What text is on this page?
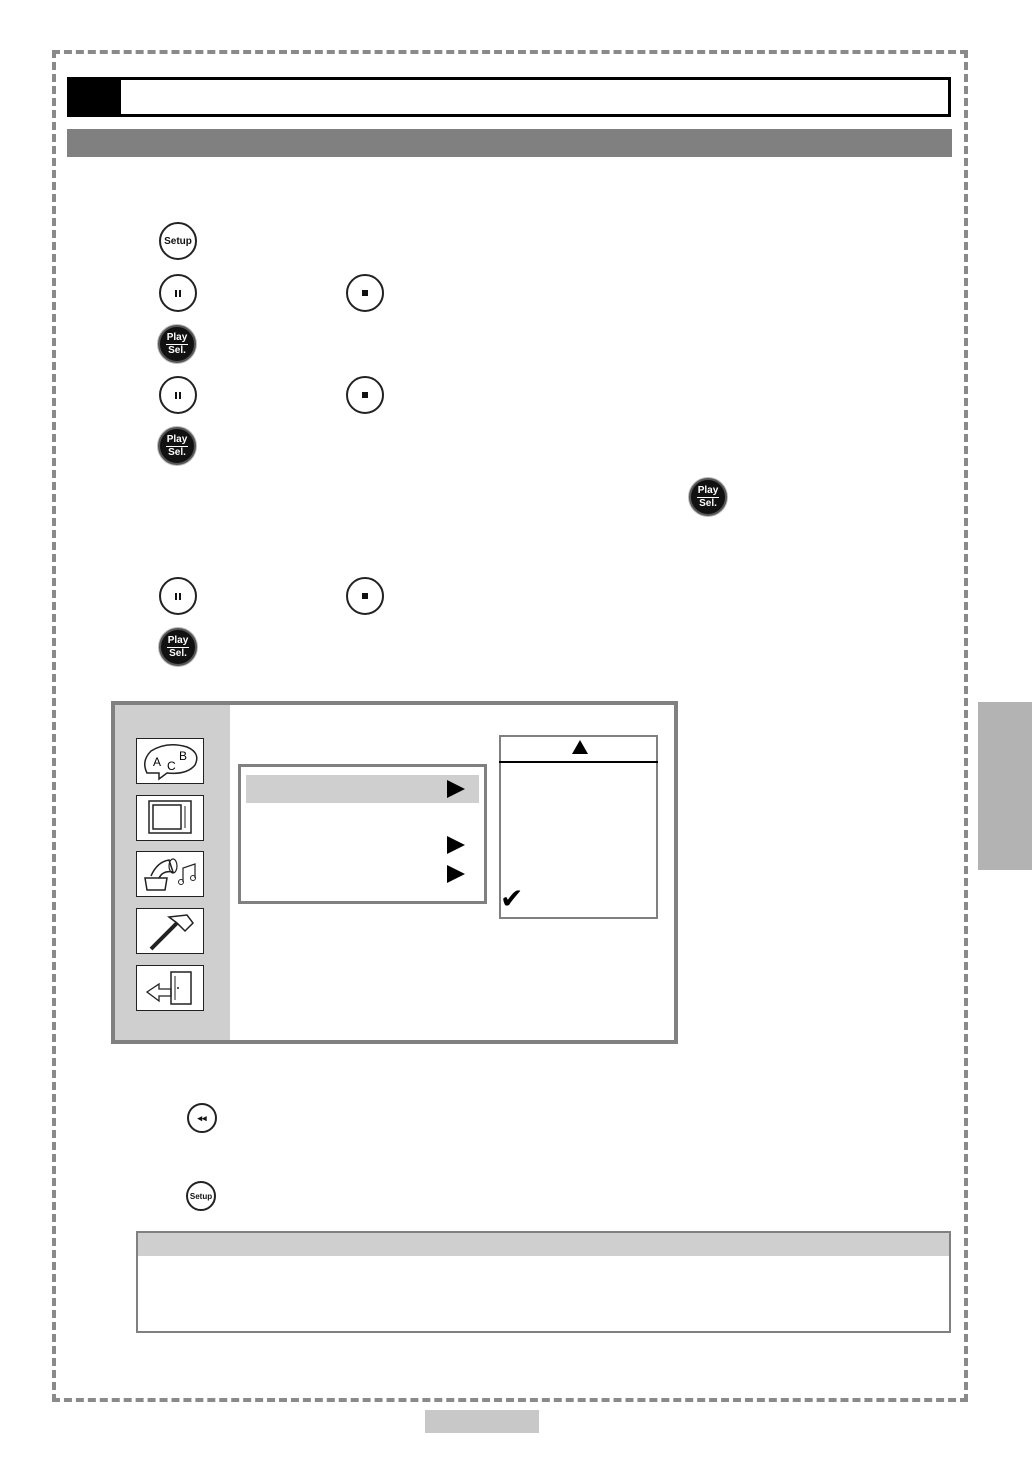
Setup
Play
Sel.
Play
Sel.
Play
Sel.
Play
Sel.
A C
B
✔
◂◂
Setup
